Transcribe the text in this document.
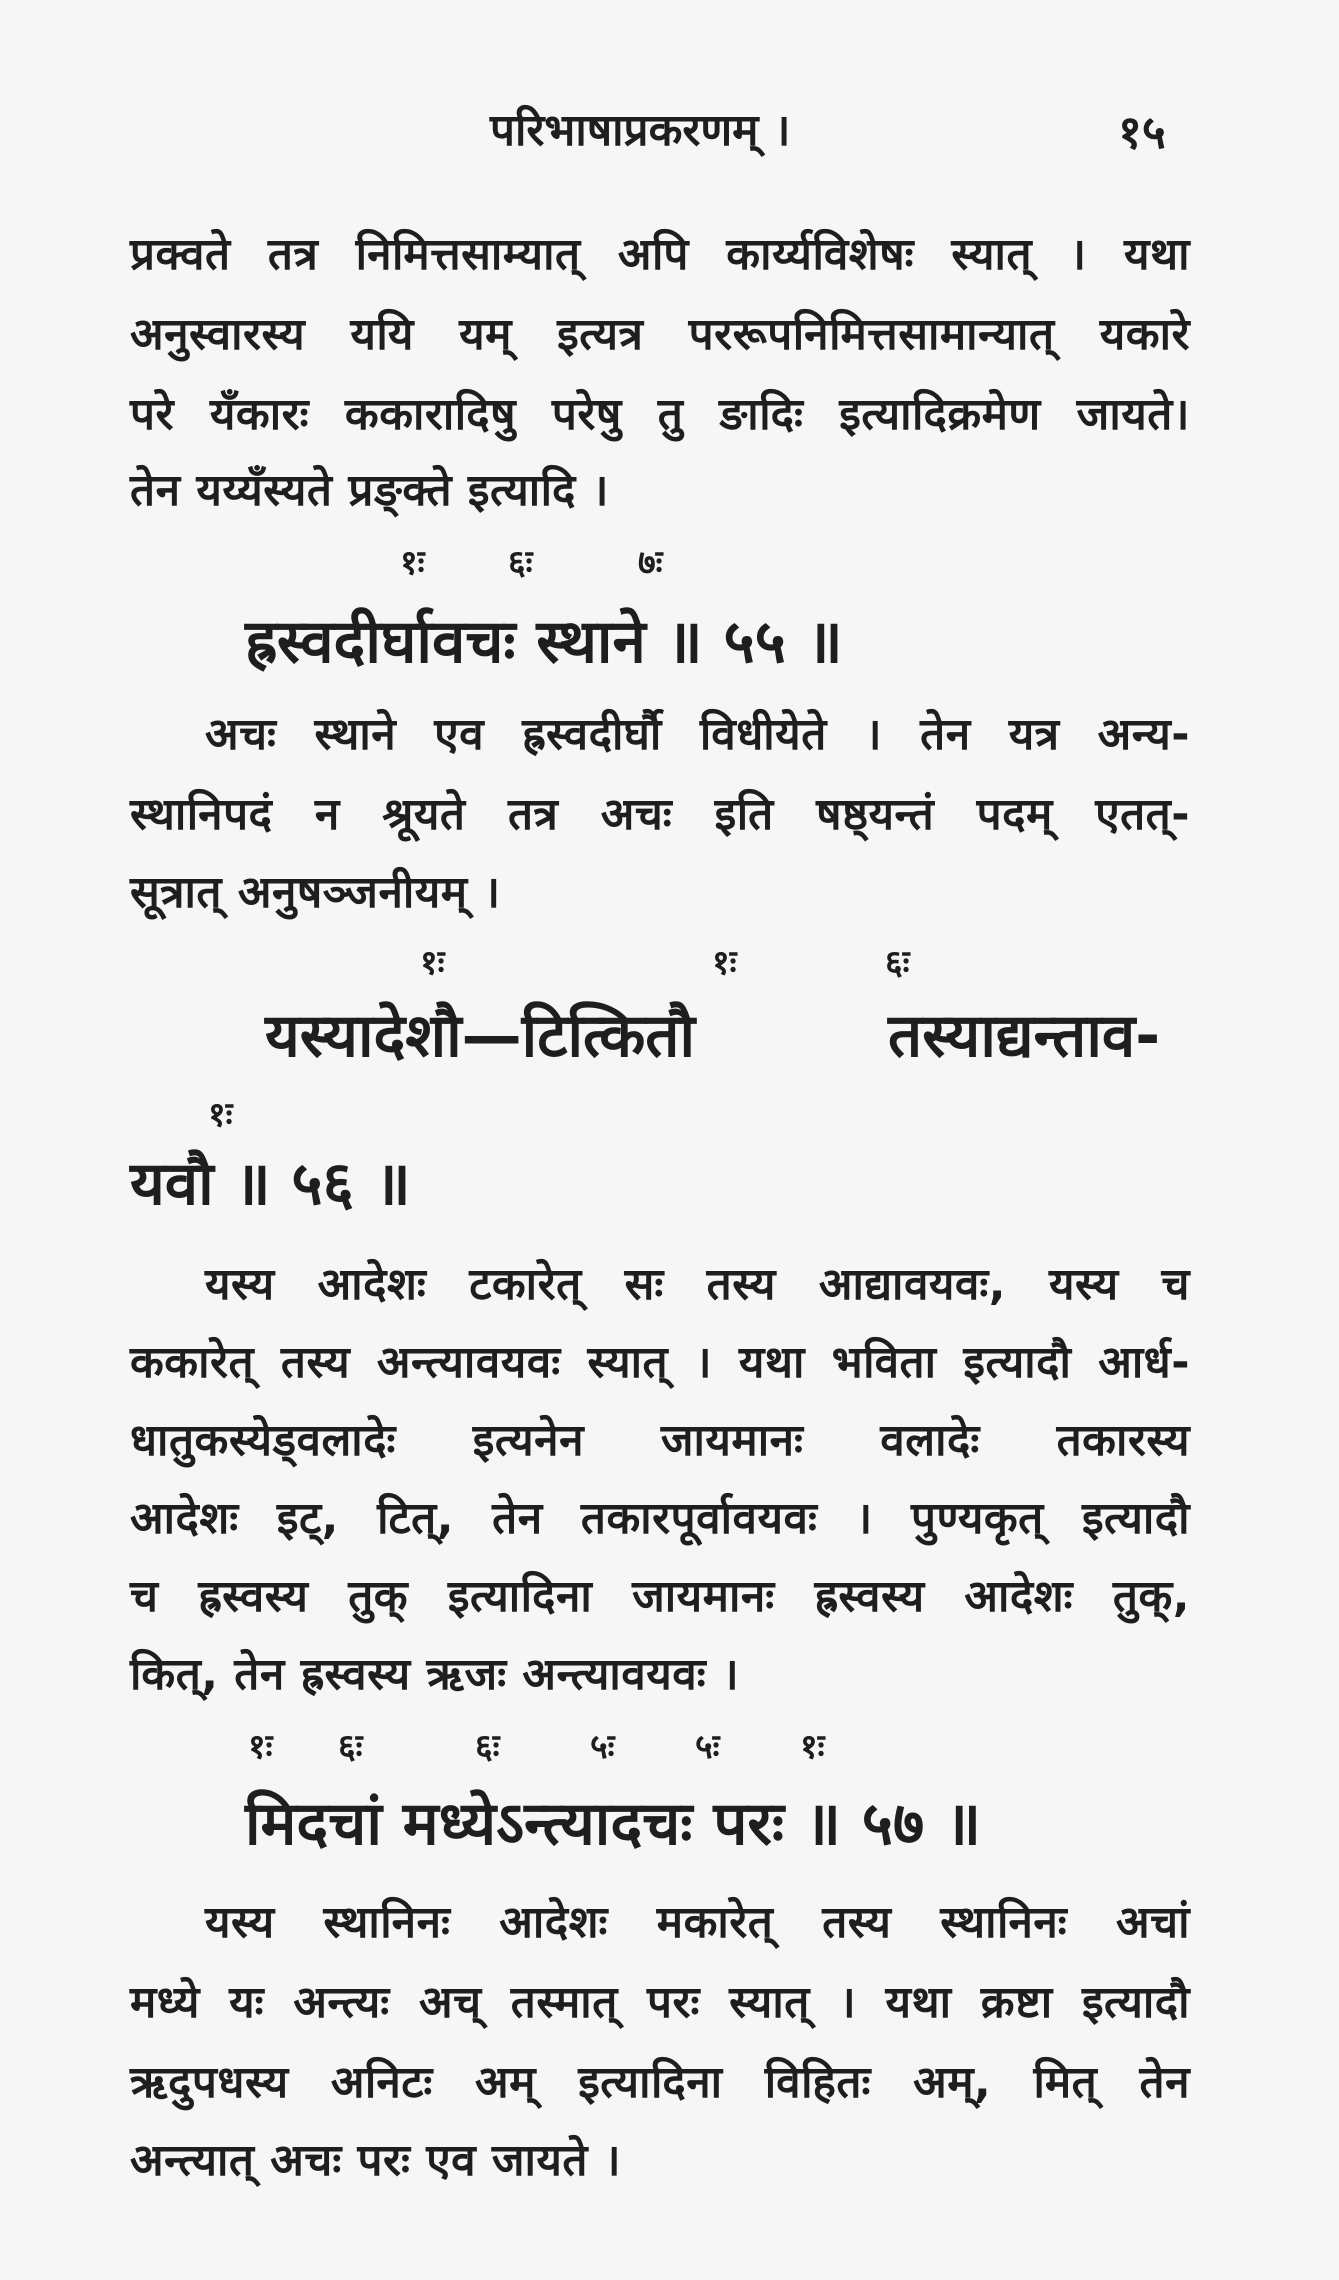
परिभाषाप्रकरणम् ।	१५
प्रक्वते तत्र निमित्तसाम्यात् अपि कार्य्यविशेषः स्यात् । यथा
अनुस्वारस्य ययि यम् इत्यत्र पररूपनिमित्तसामान्यात् यकारे
परे यँकारः ककारादिषु परेषु तु ङादिः इत्यादिक्रमेण जायते।
तेन यय्यँस्यते प्रङ्क्ते इत्यादि ।
१ः ६ः	७ः
ह्रस्वदीर्घावचः स्थाने ॥ ५५ ॥
अचः स्थाने एव ह्रस्वदीर्घौ विधीयेते । तेन यत्र अन्य-
स्थानिपदं न श्रूयते तत्र अचः इति षष्ठ्यन्तं पदम् एतत्-
सूत्रात् अनुषञ्जनीयम् ।
१ः	१ः	६ः
यस्यादेशौ—टित्कितौ	तस्याद्यन्ताव-
१ः
यवौ ॥ ५६ ॥
यस्य आदेशः टकारेत् सः तस्य आद्यावयवः, यस्य च
ककारेत् तस्य अन्त्यावयवः स्यात् । यथा भविता इत्यादौ आर्ध-
धातुकस्येड्वलादेः इत्यनेन जायमानः वलादेः तकारस्य
आदेशः इट्, टित्, तेन तकारपूर्वावयवः । पुण्यकृत् इत्यादौ
च ह्रस्वस्य तुक् इत्यादिना जायमानः ह्रस्वस्य आदेशः तुक्,
कित्, तेन ह्रस्वस्य ऋजः अन्त्यावयवः ।
१ः ६ः	६ः	५ः ५ः १ः
मिदचां मध्येऽन्त्यादचः परः ॥ ५७ ॥
यस्य स्थानिनः आदेशः मकारेत् तस्य स्थानिनः अचां
मध्ये यः अन्त्यः अच् तस्मात् परः स्यात् । यथा क्रष्टा इत्यादौ
ऋदुपधस्य अनिटः अम् इत्यादिना विहितः अम्, मित् तेन
अन्त्यात् अचः परः एव जायते ।
